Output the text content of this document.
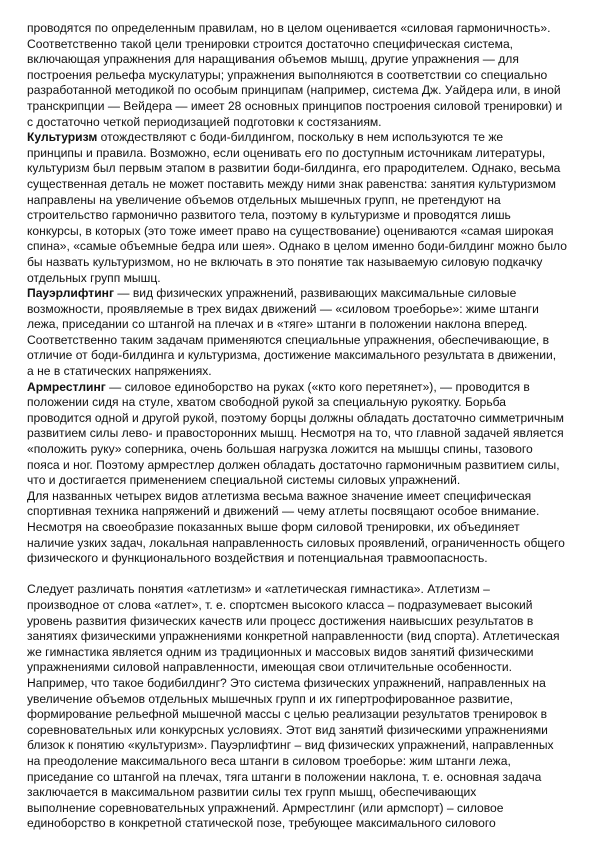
проводятся по определенным правилам, но в целом оценивается «силовая гармоничность».
Соответственно такой цели тренировки строится достаточно специфическая система,
включающая упражнения для наращивания объемов мышц, другие упражнения — для
построения рельефа мускулатуры; упражнения выполняются в соответствии со специально
разработанной методикой по особым принципам (например, система Дж. Уайдера или, в иной
транскрипции — Вейдера — имеет 28 основных принципов построения силовой тренировки) и
с достаточно четкой периодизацией подготовки к состязаниям.
Культуризм отождествляют с боди-билдингом, поскольку в нем используются те же
принципы и правила. Возможно, если оценивать его по доступным источникам литературы,
культуризм был первым этапом в развитии боди-билдинга, его прародителем. Однако, весьма
существенная деталь не может поставить между ними знак равенства: занятия культуризмом
направлены на увеличение объемов отдельных мышечных групп, не претендуют на
строительство гармонично развитого тела, поэтому в культуризме и проводятся лишь
конкурсы, в которых (это тоже имеет право на существование) оцениваются «самая широкая
спина», «самые объемные бедра или шея». Однако в целом именно боди-билдинг можно было
бы назвать культуризмом, но не включать в это понятие так называемую силовую подкачку
отдельных групп мышц.
Пауэрлифтинг — вид физических упражнений, развивающих максимальные силовые
возможности, проявляемые в трех видах движений — «силовом троеборье»: жиме штанги
лежа, приседании со штангой на плечах и в «тяге» штанги в положении наклона вперед.
Соответственно таким задачам применяются специальные упражнения, обеспечивающие, в
отличие от боди-билдинга и культуризма, достижение максимального результата в движении,
а не в статических напряжениях.
Армрестлинг — силовое единоборство на руках («кто кого перетянет»), — проводится в
положении сидя на стуле, хватом свободной рукой за специальную рукоятку. Борьба
проводится одной и другой рукой, поэтому борцы должны обладать достаточно симметричным
развитием силы лево- и правосторонних мышц. Несмотря на то, что главной задачей является
«положить руку» соперника, очень большая нагрузка ложится на мышцы спины, тазового
пояса и ног. Поэтому армрестлер должен обладать достаточно гармоничным развитием силы,
что и достигается применением специальной системы силовых упражнений.
Для названных четырех видов атлетизма весьма важное значение имеет специфическая
спортивная техника напряжений и движений — чему атлеты посвящают особое внимание.
Несмотря на своеобразие показанных выше форм силовой тренировки, их объединяет
наличие узких задач, локальная направленность силовых проявлений, ограниченность общего
физического и функционального воздействия и потенциальная травмоопасность.
Следует различать понятия «атлетизм» и «атлетическая гимнастика». Атлетизм –
производное от слова «атлет», т. е. спортсмен высокого класса – подразумевает высокий
уровень развития физических качеств или процесс достижения наивысших результатов в
занятиях физическими упражнениями конкретной направленности (вид спорта). Атлетическая
же гимнастика является одним из традиционных и массовых видов занятий физическими
упражнениями силовой направленности, имеющая свои отличительные особенности.
Например, что такое бодибилдинг? Это система физических упражнений, направленных на
увеличение объемов отдельных мышечных групп и их гипертрофированное развитие,
формирование рельефной мышечной массы с целью реализации результатов тренировок в
соревновательных или конкурсных условиях. Этот вид занятий физическими упражнениями
близок к понятию «культуризм». Пауэрлифтинг – вид физических упражнений, направленных
на преодоление максимального веса штанги в силовом троеборье: жим штанги лежа,
приседание со штангой на плечах, тяга штанги в положении наклона, т. е. основная задача
заключается в максимальном развитии силы тех групп мышц, обеспечивающих
выполнение соревновательных упражнений. Армрестлинг (или армспорт) – силовое
единоборство в конкретной статической позе, требующее максимального силового
